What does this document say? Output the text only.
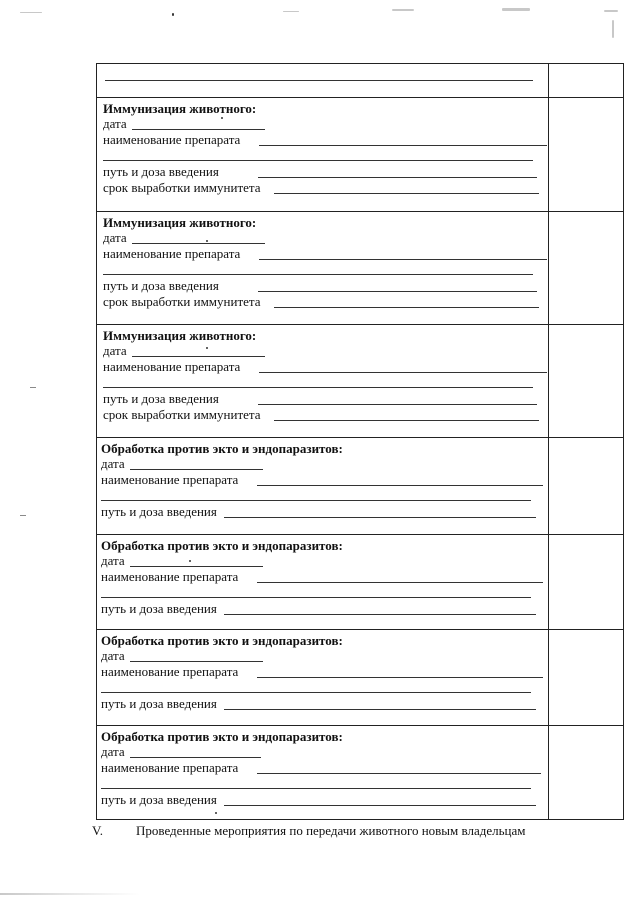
Иммунизация животного:
дата
наименование препарата
путь и доза введения
срок выработки иммунитета
Иммунизация животного:
дата
наименование препарата
путь и доза введения
срок выработки иммунитета
Иммунизация животного:
дата
наименование препарата
путь и доза введения
срок выработки иммунитета
Обработка против экто и эндопаразитов:
дата
наименование препарата
путь и доза введения
Обработка против экто и эндопаразитов:
дата
наименование препарата
путь и доза введения
Обработка против экто и эндопаразитов:
дата
наименование препарата
путь и доза введения
Обработка против экто и эндопаразитов:
дата
наименование препарата
путь и доза введения
V.	Проведенные мероприятия по передачи животного новым владельцам
